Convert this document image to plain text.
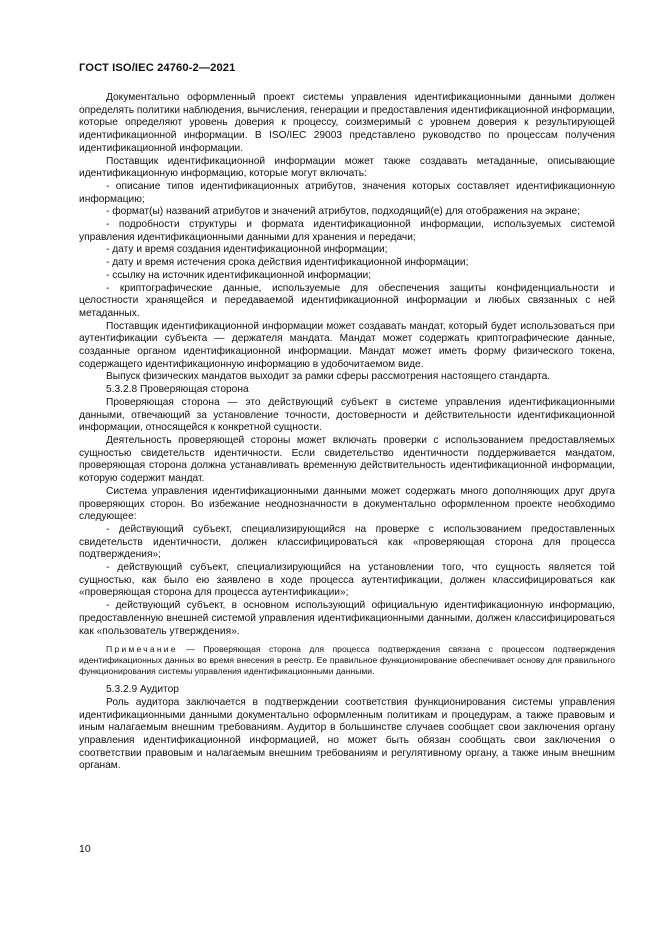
ГОСТ ISO/IEC 24760-2—2021

Документально оформленный проект системы управления идентификационными данными должен определять политики наблюдения, вычисления, генерации и предоставления идентификационной информации, которые определяют уровень доверия к процессу, соизмеримый с уровнем доверия к результирующей идентификационной информации. В ISO/IEC 29003 представлено руководство по процессам получения идентификационной информации.

Поставщик идентификационной информации может также создавать метаданные, описывающие идентификационную информацию, которые могут включать:

- описание типов идентификационных атрибутов, значения которых составляет идентификационную информацию;

- формат(ы) названий атрибутов и значений атрибутов, подходящий(е) для отображения на экране;

- подробности структуры и формата идентификационной информации, используемых системой управления идентификационными данными для хранения и передачи;

- дату и время создания идентификационной информации;

- дату и время истечения срока действия идентификационной информации;

- ссылку на источник идентификационной информации;

- криптографические данные, используемые для обеспечения защиты конфиденциальности и целостности хранящейся и передаваемой идентификационной информации и любых связанных с ней метаданных.

Поставщик идентификационной информации может создавать мандат, который будет использоваться при аутентификации субъекта — держателя мандата. Мандат может содержать криптографические данные, созданные органом идентификационной информации. Мандат может иметь форму физического токена, содержащего идентификационную информацию в удобочитаемом виде.

Выпуск физических мандатов выходит за рамки сферы рассмотрения настоящего стандарта.

5.3.2.8 Проверяющая сторона

Проверяющая сторона — это действующий субъект в системе управления идентификационными данными, отвечающий за установление точности, достоверности и действительности идентификационной информации, относящейся к конкретной сущности.

Деятельность проверяющей стороны может включать проверки с использованием предоставляемых сущностью свидетельств идентичности. Если свидетельство идентичности поддерживается мандатом, проверяющая сторона должна устанавливать временную действительность идентификационной информации, которую содержит мандат.

Система управления идентификационными данными может содержать много дополняющих друг друга проверяющих сторон. Во избежание неоднозначности в документально оформленном проекте необходимо следующее:

- действующий субъект, специализирующийся на проверке с использованием предоставленных свидетельств идентичности, должен классифицироваться как «проверяющая сторона для процесса подтверждения»;

- действующий субъект, специализирующийся на установлении того, что сущность является той сущностью, как было ею заявлено в ходе процесса аутентификации, должен классифицироваться как «проверяющая сторона для процесса аутентификации»;

- действующий субъект, в основном использующий официальную идентификационную информацию, предоставленную внешней системой управления идентификационными данными, должен классифицироваться как «пользователь утверждения».

Примечание — Проверяющая сторона для процесса подтверждения связана с процессом подтверждения идентификационных данных во время внесения в реестр. Ее правильное функционирование обеспечивает основу для правильного функционирования системы управления идентификационными данными.

5.3.2.9 Аудитор

Роль аудитора заключается в подтверждении соответствия функционирования системы управления идентификационными данными документально оформленным политикам и процедурам, а также правовым и иным налагаемым внешним требованиям. Аудитор в большинстве случаев сообщает свои заключения органу управления идентификационной информацией, но может быть обязан сообщать свои заключения о соответствии правовым и налагаемым внешним требованиям и регулятивному органу, а также иным внешним органам.

10
